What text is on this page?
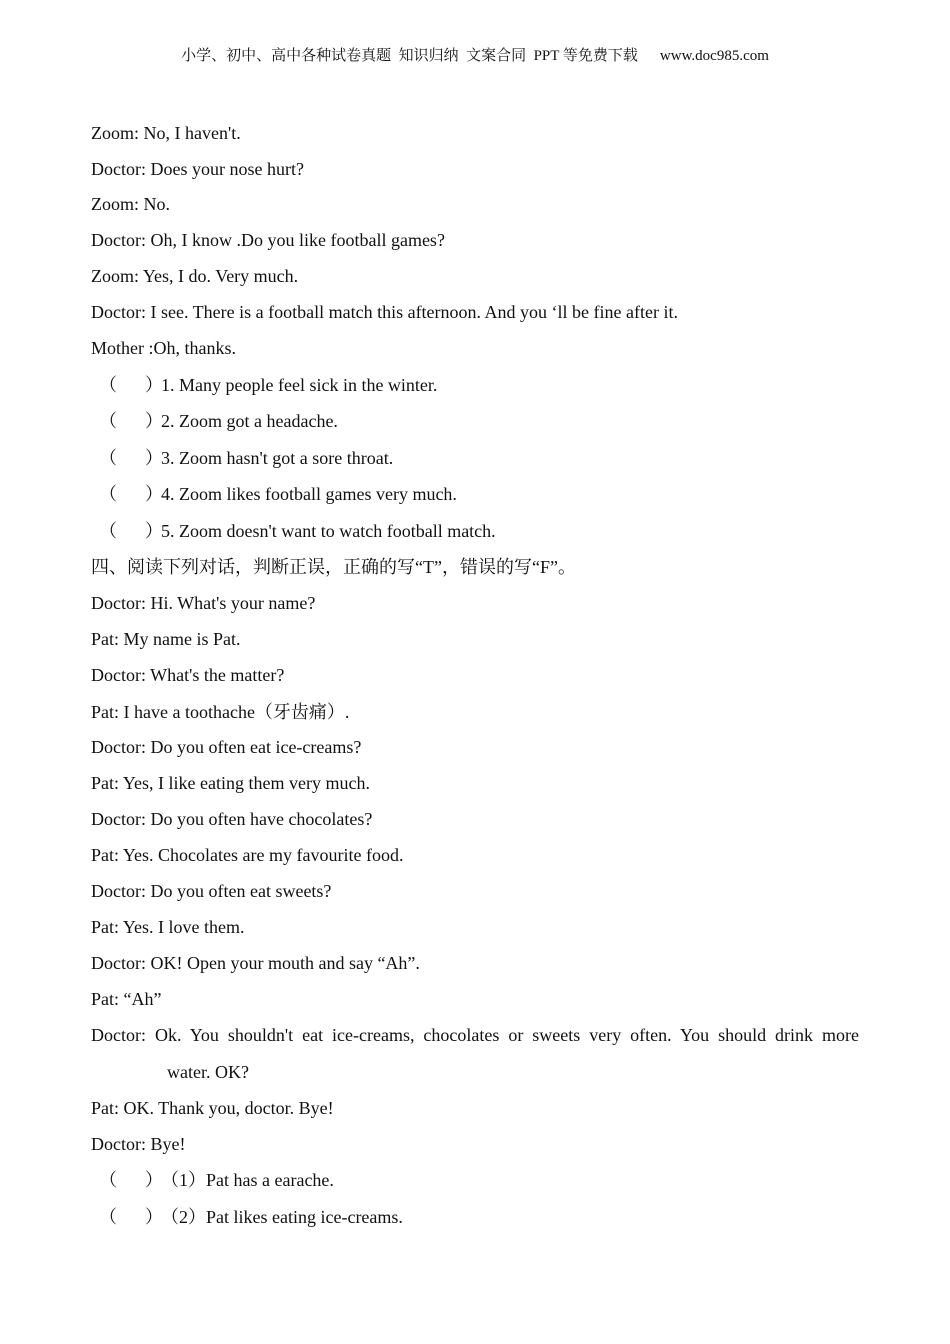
小学、初中、高中各种试卷真题  知识归纳  文案合同  PPT 等免费下载 www.doc985.com
Zoom: No, I haven't.
Doctor: Does your nose hurt?
Zoom: No.
Doctor: Oh, I know .Do you like football games?
Zoom: Yes, I do. Very much.
Doctor: I see. There is a football match this afternoon. And you ‘ll be fine after it.
Mother :Oh, thanks.
（ ）1. Many people feel sick in the winter.
（ ）2. Zoom got a headache.
（ ）3. Zoom hasn't got a sore throat.
（ ）4. Zoom likes football games very much.
（ ）5. Zoom doesn't want to watch football match.
四、阅读下列对话，判断正误，正确的写“T”，错误的写“F”。
Doctor: Hi. What's your name?
Pat: My name is Pat.
Doctor: What's the matter?
Pat: I have a toothache（牙齿痛）.
Doctor: Do you often eat ice-creams?
Pat: Yes, I like eating them very much.
Doctor: Do you often have chocolates?
Pat: Yes. Chocolates are my favourite food.
Doctor: Do you often eat sweets?
Pat: Yes. I love them.
Doctor: OK! Open your mouth and say “Ah”.
Pat: “Ah”
Doctor: Ok. You shouldn't eat ice-creams, chocolates or sweets very often. You should drink more
water. OK?
Pat: OK. Thank you, doctor. Bye!
Doctor: Bye!
（ ）（1）Pat has a earache.
（ ）（2）Pat likes eating ice-creams.
